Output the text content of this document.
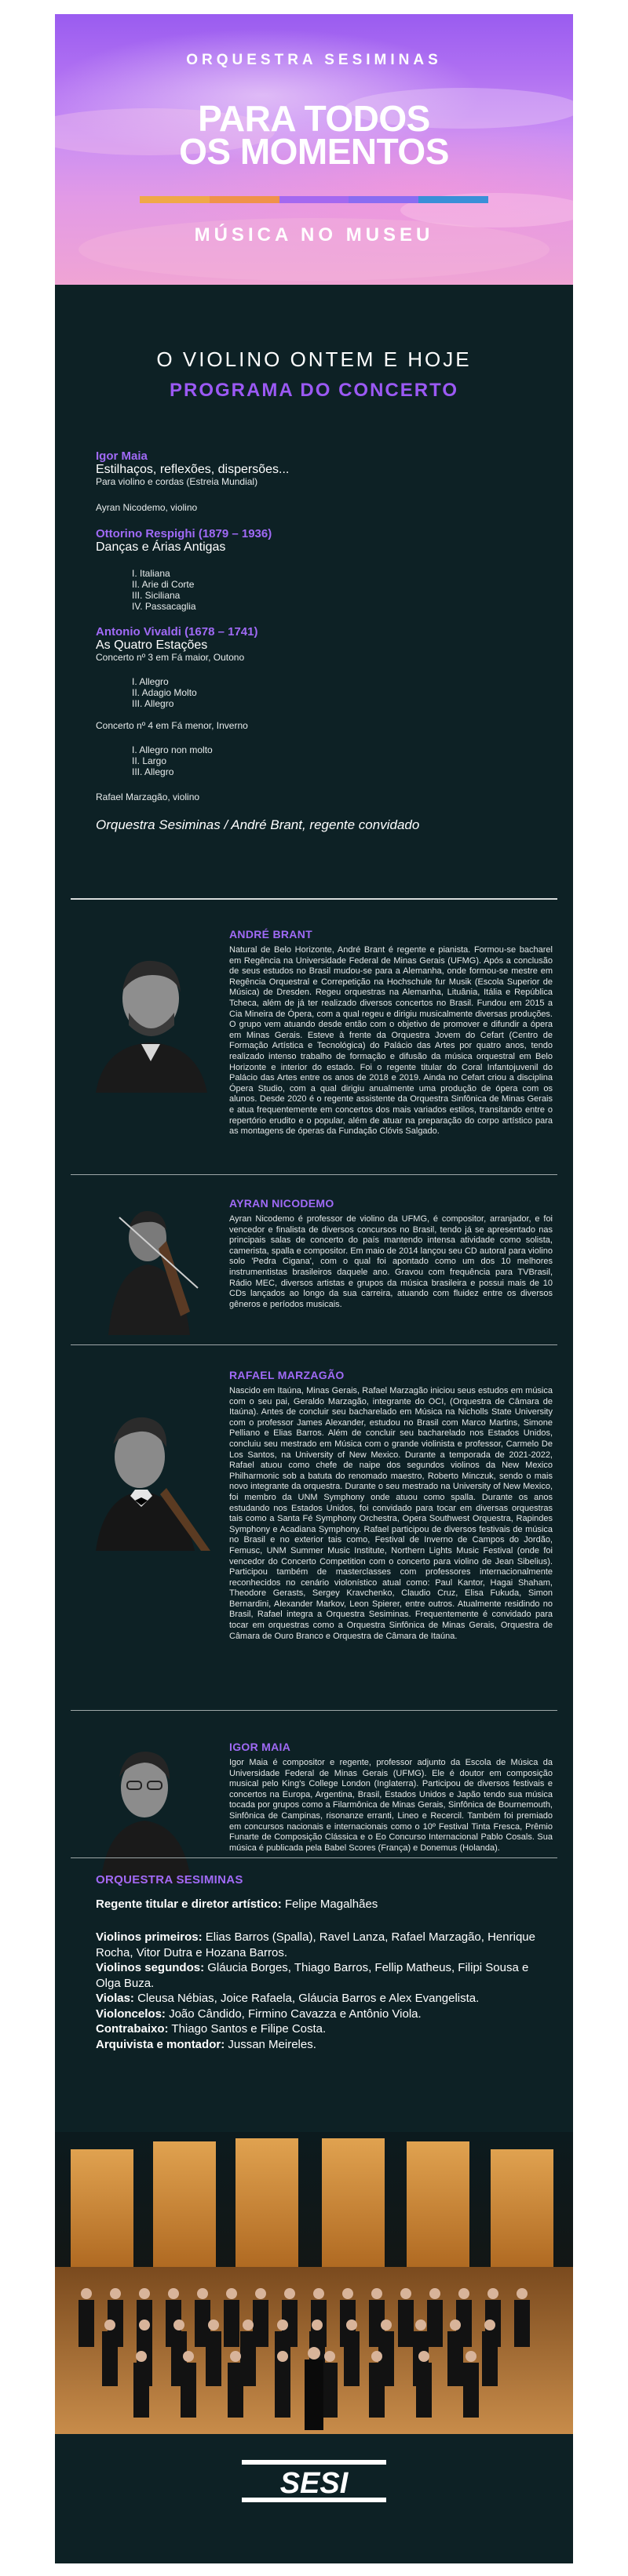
ORQUESTRA SESIMINAS
PARA TODOS
OS MOMENTOS
MÚSICA NO MUSEU
O VIOLINO ONTEM E HOJE
PROGRAMA DO CONCERTO
Igor Maia
Estilhaços, reflexões, dispersões...
Para violino e cordas (Estreia Mundial)
Ayran Nicodemo, violino
Ottorino Respighi (1879 – 1936)
Danças e Árias Antigas
I. Italiana
II. Arie di Corte
III. Siciliana
IV. Passacaglia
Antonio Vivaldi (1678 – 1741)
As Quatro Estações
Concerto nº 3 em Fá maior, Outono
I. Allegro
II. Adagio Molto
III. Allegro
Concerto nº 4 em Fá menor, Inverno
I. Allegro non molto
II. Largo
III. Allegro
Rafael Marzagão, violino
Orquestra Sesiminas / André Brant, regente convidado
ANDRÉ BRANT
Natural de Belo Horizonte, André Brant é regente e pianista. Formou-se bacharel em Regência na Universidade Federal de Minas Gerais (UFMG). Após a conclusão de seus estudos no Brasil mudou-se para a Alemanha, onde formou-se mestre em Regência Orquestral e Correpetição na Hochschule fur Musik (Escola Superior de Música) de Dresden. Regeu orquestras na Alemanha, Lituânia, Itália e República Tcheca, além de já ter realizado diversos concertos no Brasil. Fundou em 2015 a Cia Mineira de Ópera, com a qual regeu e dirigiu musicalmente diversas produções. O grupo vem atuando desde então com o objetivo de promover e difundir a ópera em Minas Gerais. Esteve à frente da Orquestra Jovem do Cefart (Centro de Formação Artística e Tecnológica) do Palácio das Artes por quatro anos, tendo realizado intenso trabalho de formação e difusão da música orquestral em Belo Horizonte e interior do estado. Foi o regente titular do Coral Infantojuvenil do Palácio das Artes entre os anos de 2018 e 2019. Ainda no Cefart criou a disciplina Ópera Studio, com a qual dirigiu anualmente uma produção de ópera com os alunos. Desde 2020 é o regente assistente da Orquestra Sinfônica de Minas Gerais e atua frequentemente em concertos dos mais variados estilos, transitando entre o repertório erudito e o popular, além de atuar na preparação do corpo artístico para as montagens de óperas da Fundação Clóvis Salgado.
AYRAN NICODEMO
Ayran Nicodemo é professor de violino da UFMG, é compositor, arranjador, e foi vencedor e finalista de diversos concursos no Brasil, tendo já se apresentado nas principais salas de concerto do país mantendo intensa atividade como solista, camerista, spalla e compositor. Em maio de 2014 lançou seu CD autoral para violino solo 'Pedra Cigana', com o qual foi apontado como um dos 10 melhores instrumentistas brasileiros daquele ano. Gravou com frequência para TVBrasil, Rádio MEC, diversos artistas e grupos da música brasileira e possui mais de 10 CDs lançados ao longo da sua carreira, atuando com fluidez entre os diversos gêneros e períodos musicais.
RAFAEL MARZAGÃO
Nascido em Itaúna, Minas Gerais, Rafael Marzagão iniciou seus estudos em música com o seu pai, Geraldo Marzagão, integrante do OCI, (Orquestra de Câmara de Itaúna). Antes de concluir seu bacharelado em Música na Nicholls State University com o professor James Alexander, estudou no Brasil com Marco Martins, Simone Pelliano e Elias Barros. Além de concluir seu bacharelado nos Estados Unidos, concluiu seu mestrado em Música com o grande violinista e professor, Carmelo De Los Santos, na University of New Mexico. Durante a temporada de 2021-2022, Rafael atuou como chefe de naipe dos segundos violinos da New Mexico Philharmonic sob a batuta do renomado maestro, Roberto Minczuk, sendo o mais novo integrante da orquestra. Durante o seu mestrado na University of New Mexico, foi membro da UNM Symphony onde atuou como spalla. Durante os anos estudando nos Estados Unidos, foi convidado para tocar em diversas orquestras tais como a Santa Fé Symphony Orchestra, Opera Southwest Orquestra, Rapindes Symphony e Acadiana Symphony. Rafael participou de diversos festivais de música no Brasil e no exterior tais como, Festival de Inverno de Campos do Jordão, Femusc, UNM Summer Music Institute, Northern Lights Music Festival (onde foi vencedor do Concerto Competition com o concerto para violino de Jean Sibelius). Participou também de masterclasses com professores internacionalmente reconhecidos no cenário violonístico atual como: Paul Kantor, Hagai Shaham, Theodore Gerasts, Sergey Kravchenko, Claudio Cruz, Elisa Fukuda, Simon Bernardini, Alexander Markov, Leon Spierer, entre outros. Atualmente residindo no Brasil, Rafael integra a Orquestra Sesiminas. Frequentemente é convidado para tocar em orquestras como a Orquestra Sinfônica de Minas Gerais, Orquestra de Câmara de Ouro Branco e Orquestra de Câmara de Itaúna.
IGOR MAIA
Igor Maia é compositor e regente, professor adjunto da Escola de Música da Universidade Federal de Minas Gerais (UFMG). Ele é doutor em composição musical pelo King's College London (Inglaterra). Participou de diversos festivais e concertos na Europa, Argentina, Brasil, Estados Unidos e Japão tendo sua música tocada por grupos como a Filarmônica de Minas Gerais, Sinfônica de Bournemouth, Sinfônica de Campinas, risonanze erranti, Lineo e Recercil. Também foi premiado em concursos nacionais e internacionais como o 10º Festival Tinta Fresca, Prêmio Funarte de Composição Clássica e o Eo Concurso Internacional Pablo Cosals. Sua música é publicada pela Babel Scores (França) e Donemus (Holanda).
ORQUESTRA SESIMINAS
Regente titular e diretor artístico: Felipe Magalhães
Violinos primeiros: Elias Barros (Spalla), Ravel Lanza, Rafael Marzagão, Henrique Rocha, Vitor Dutra e Hozana Barros.
Violinos segundos: Gláucia Borges, Thiago Barros, Fellip Matheus, Filipi Sousa e Olga Buza.
Violas: Cleusa Nébias, Joice Rafaela, Gláucia Barros e Alex Evangelista.
Violoncelos: João Cândido, Firmino Cavazza e Antônio Viola.
Contrabaixo: Thiago Santos e Filipe Costa.
Arquivista e montador: Jussan Meireles.
SESI
